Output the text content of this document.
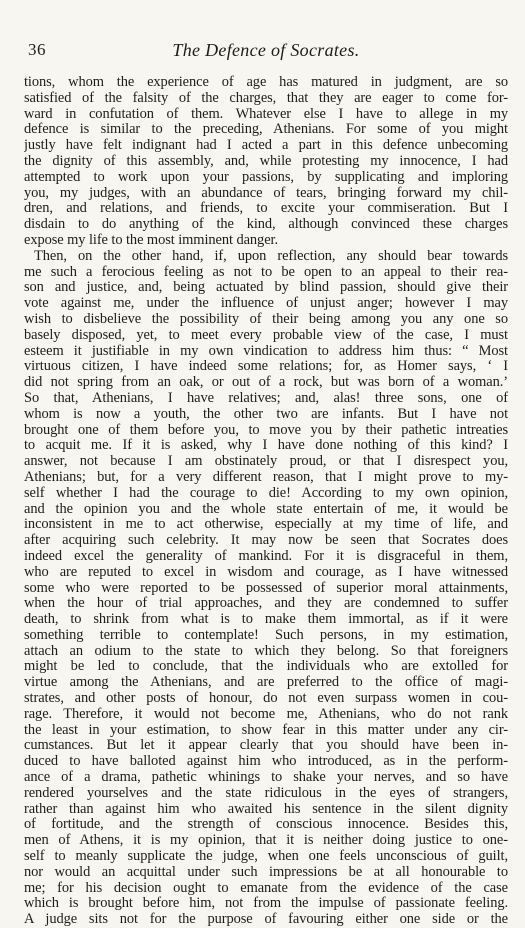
36	The Defence of Socrates.
tions, whom the experience of age has matured in judgment, are so
satisfied of the falsity of the charges, that they are eager to come for-
ward in confutation of them. Whatever else I have to allege in my
defence is similar to the preceding, Athenians. For some of you might
justly have felt indignant had I acted a part in this defence unbecoming
the dignity of this assembly, and, while protesting my innocence, I had
attempted to work upon your passions, by supplicating and imploring
you, my judges, with an abundance of tears, bringing forward my chil-
dren, and relations, and friends, to excite your commiseration. But I
disdain to do anything of the kind, although convinced these charges
expose my life to the most imminent danger.
Then, on the other hand, if, upon reflection, any should bear towards
me such a ferocious feeling as not to be open to an appeal to their rea-
son and justice, and, being actuated by blind passion, should give their
vote against me, under the influence of unjust anger; however I may
wish to disbelieve the possibility of their being among you any one so
basely disposed, yet, to meet every probable view of the case, I must
esteem it justifiable in my own vindication to address him thus: “ Most
virtuous citizen, I have indeed some relations; for, as Homer says, ‘ I
did not spring from an oak, or out of a rock, but was born of a woman.’
So that, Athenians, I have relatives; and, alas! three sons, one of
whom is now a youth, the other two are infants. But I have not
brought one of them before you, to move you by their pathetic intreaties
to acquit me. If it is asked, why I have done nothing of this kind? I
answer, not because I am obstinately proud, or that I disrespect you,
Athenians; but, for a very different reason, that I might prove to my-
self whether I had the courage to die! According to my own opinion,
and the opinion you and the whole state entertain of me, it would be
inconsistent in me to act otherwise, especially at my time of life, and
after acquiring such celebrity. It may now be seen that Socrates does
indeed excel the generality of mankind. For it is disgraceful in them,
who are reputed to excel in wisdom and courage, as I have witnessed
some who were reported to be possessed of superior moral attainments,
when the hour of trial approaches, and they are condemned to suffer
death, to shrink from what is to make them immortal, as if it were
something terrible to contemplate! Such persons, in my estimation,
attach an odium to the state to which they belong. So that foreigners
might be led to conclude, that the individuals who are extolled for
virtue among the Athenians, and are preferred to the office of magi-
strates, and other posts of honour, do not even surpass women in cou-
rage. Therefore, it would not become me, Athenians, who do not rank
the least in your estimation, to show fear in this matter under any cir-
cumstances. But let it appear clearly that you should have been in-
duced to have balloted against him who introduced, as in the perform-
ance of a drama, pathetic whinings to shake your nerves, and so have
rendered yourselves and the state ridiculous in the eyes of strangers,
rather than against him who awaited his sentence in the silent dignity
of fortitude, and the strength of conscious innocence. Besides this,
men of Athens, it is my opinion, that it is neither doing justice to one-
self to meanly supplicate the judge, when one feels unconscious of guilt,
nor would an acquittal under such impressions be at all honourable to
me; for his decision ought to emanate from the evidence of the case
which is brought before him, not from the impulse of passionate feeling.
A judge sits not for the purpose of favouring either one side or the
